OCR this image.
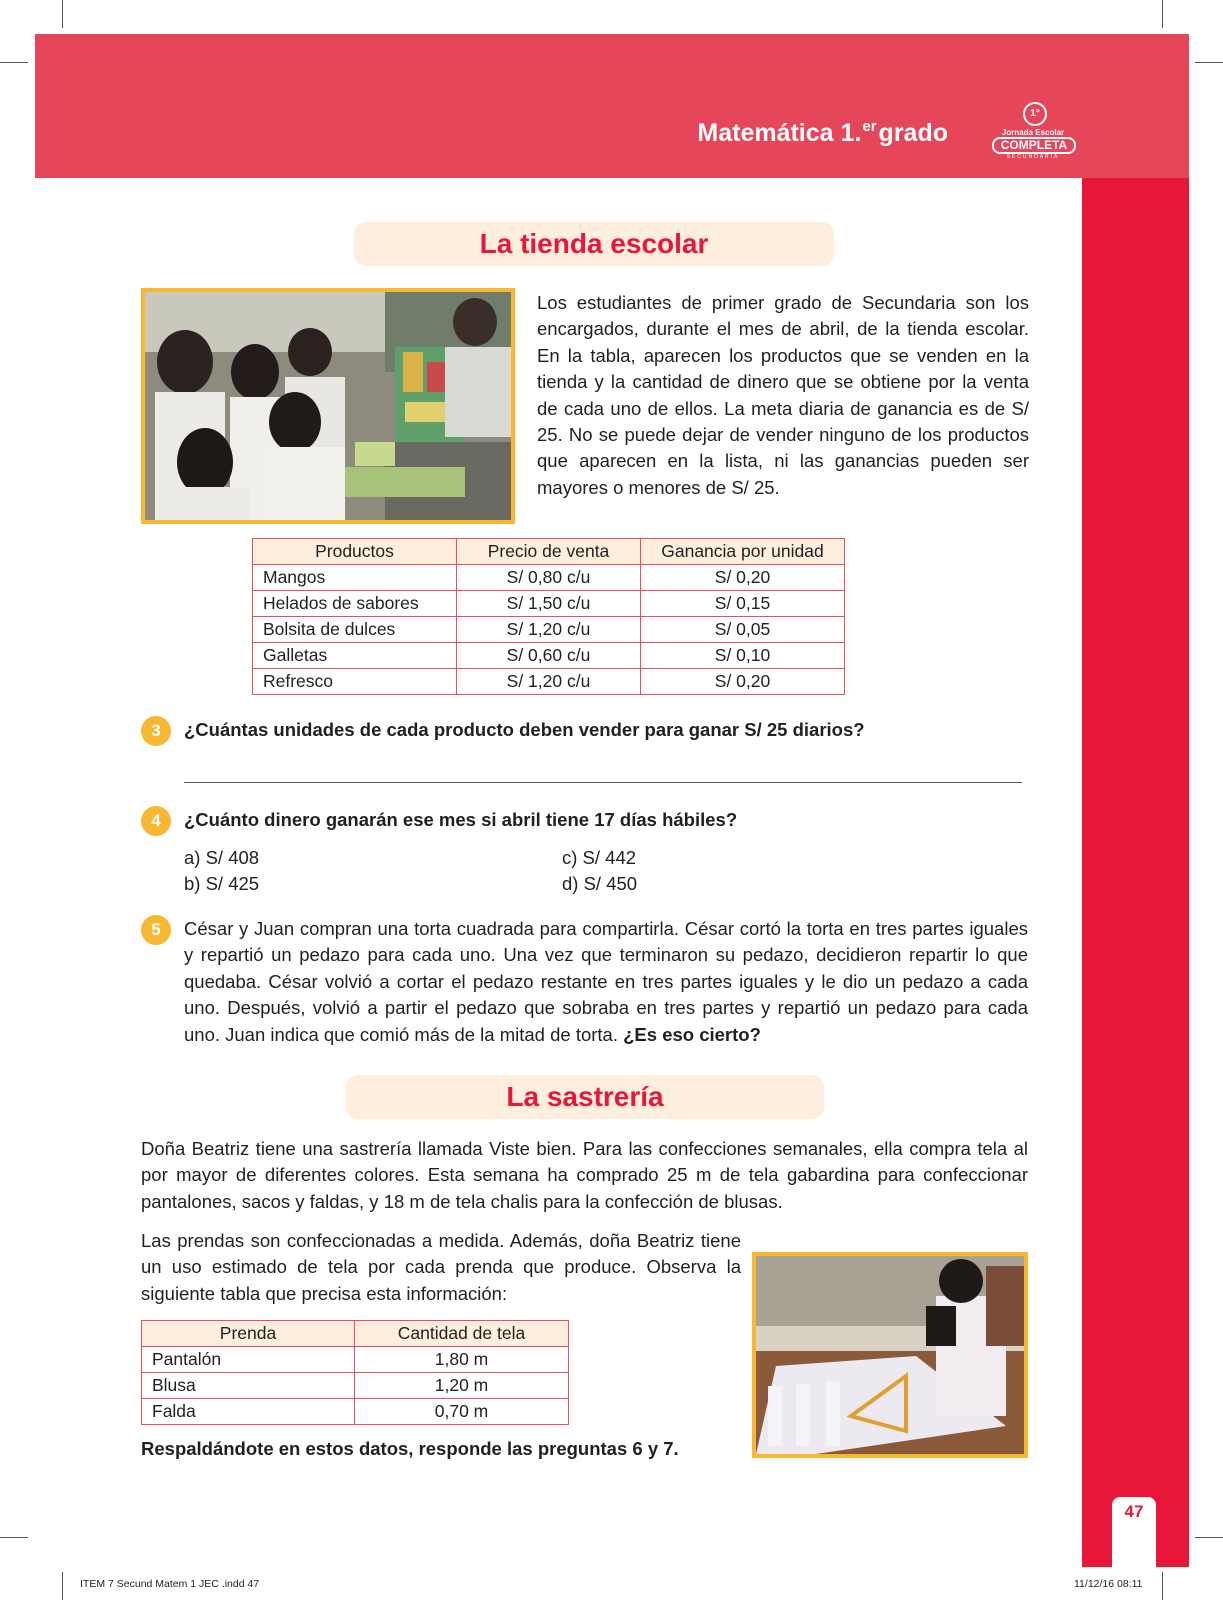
Matemática 1.$^{er}$grado
1°
Jornada Escolar
COMPLETA
SECUNDARIA
47
La tienda escolar

Los estudiantes de primer grado de Secundaria son los encargados, durante el mes de abril, de la tienda escolar. En la tabla, aparecen los productos que se venden en la tienda y la cantidad de dinero que se obtiene por la venta de cada uno de ellos. La meta diaria de ganancia es de S/ 25. No se puede dejar de vender ninguno de los productos que aparecen en la lista, ni las ganancias pueden ser mayores o menores de S/ 25.

Productos	Precio de venta	Ganancia por unidad
Mangos	S/ 0,80 c/u	S/ 0,20
Helados de sabores	S/ 1,50 c/u	S/ 0,15
Bolsita de dulces	S/ 1,20 c/u	S/ 0,05
Galletas	S/ 0,60 c/u	S/ 0,10
Refresco	S/ 1,20 c/u	S/ 0,20
3	¿Cuántas unidades de cada producto deben vender para ganar S/ 25 diarios?
4	¿Cuánto dinero ganarán ese mes si abril tiene 17 días hábiles?
a) S/ 408
b) S/ 425
c) S/ 442
d) S/ 450
5	César y Juan compran una torta cuadrada para compartirla. César cortó la torta en tres partes iguales y repartió un pedazo para cada uno. Una vez que terminaron su pedazo, decidieron repartir lo que quedaba. César volvió a cortar el pedazo restante en tres partes iguales y le dio un pedazo a cada uno. Después, volvió a partir el pedazo que sobraba en tres partes y repartió un pedazo para cada uno. Juan indica que comió más de la mitad de torta. ¿Es eso cierto?

La sastrería

Doña Beatriz tiene una sastrería llamada Viste bien. Para las confecciones semanales, ella compra tela al por mayor de diferentes colores. Esta semana ha comprado 25 m de tela gabardina para confeccionar pantalones, sacos y faldas, y 18 m de tela chalis para la confección de blusas.

Las prendas son confeccionadas a medida. Además, doña Beatriz tiene un uso estimado de tela por cada prenda que produce. Observa la siguiente tabla que precisa esta información:

Prenda	Cantidad de tela
Pantalón	1,80 m
Blusa	1,20 m
Falda	0,70 m
Respaldándote en estos datos, responde las preguntas 6 y 7.
ITEM 7 Secund Matem 1 JEC .indd 47	11/12/16 08:11
